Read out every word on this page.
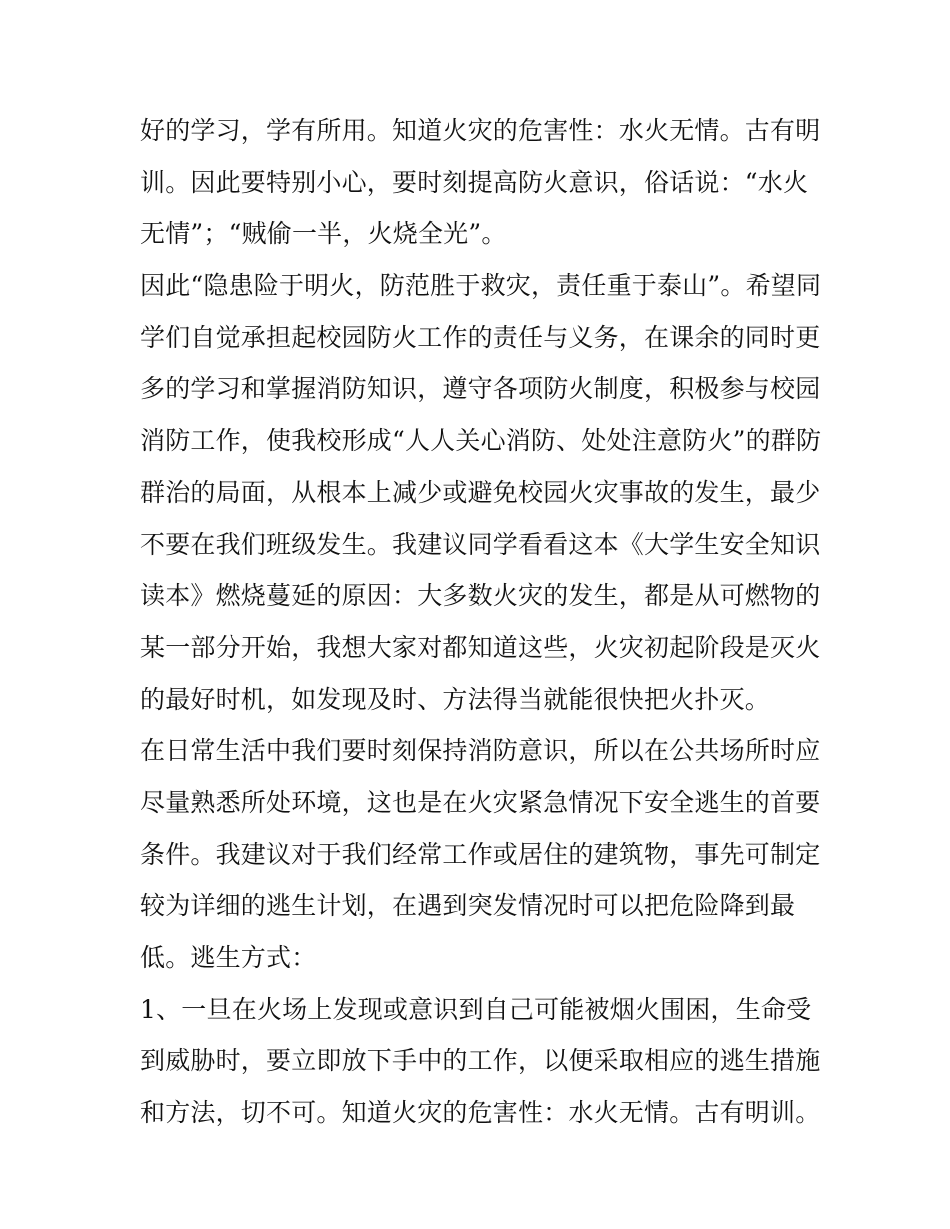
好的学习，学有所用。知道火灾的危害性：水火无情。古有明
训。因此要特别小心，要时刻提高防火意识，俗话说：“水火
无情”；“贼偷一半，火烧全光”。
因此“隐患险于明火，防范胜于救灾，责任重于泰山”。希望同
学们自觉承担起校园防火工作的责任与义务，在课余的同时更
多的学习和掌握消防知识，遵守各项防火制度，积极参与校园
消防工作，使我校形成“人人关心消防、处处注意防火”的群防
群治的局面，从根本上减少或避免校园火灾事故的发生，最少
不要在我们班级发生。我建议同学看看这本《大学生安全知识
读本》燃烧蔓延的原因：大多数火灾的发生，都是从可燃物的
某一部分开始，我想大家对都知道这些，火灾初起阶段是灭火
的最好时机，如发现及时、方法得当就能很快把火扑灭。
在日常生活中我们要时刻保持消防意识，所以在公共场所时应
尽量熟悉所处环境，这也是在火灾紧急情况下安全逃生的首要
条件。我建议对于我们经常工作或居住的建筑物，事先可制定
较为详细的逃生计划，在遇到突发情况时可以把危险降到最
低。逃生方式：
1、一旦在火场上发现或意识到自己可能被烟火围困，生命受
到威胁时，要立即放下手中的工作，以便采取相应的逃生措施
和方法，切不可。知道火灾的危害性：水火无情。古有明训。
